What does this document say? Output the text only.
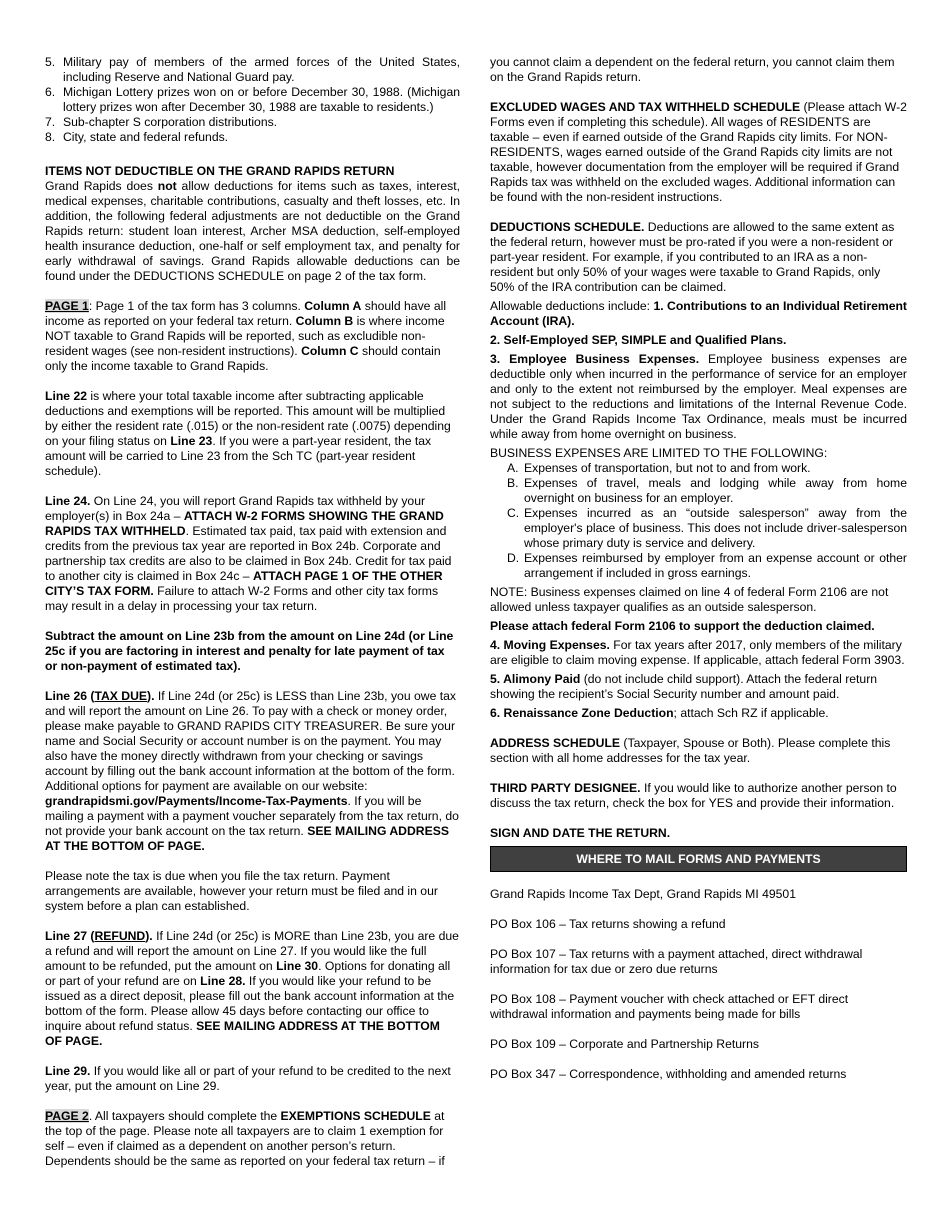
5. Military pay of members of the armed forces of the United States, including Reserve and National Guard pay.
6. Michigan Lottery prizes won on or before December 30, 1988. (Michigan lottery prizes won after December 30, 1988 are taxable to residents.)
7. Sub-chapter S corporation distributions.
8. City, state and federal refunds.

ITEMS NOT DEDUCTIBLE ON THE GRAND RAPIDS RETURN

Grand Rapids does not allow deductions for items such as taxes, interest, medical expenses, charitable contributions, casualty and theft losses, etc. In addition, the following federal adjustments are not deductible on the Grand Rapids return: student loan interest, Archer MSA deduction, self-employed health insurance deduction, one-half or self employment tax, and penalty for early withdrawal of savings. Grand Rapids allowable deductions can be found under the DEDUCTIONS SCHEDULE on page 2 of the tax form.

PAGE 1: Page 1 of the tax form has 3 columns. Column A should have all income as reported on your federal tax return. Column B is where income NOT taxable to Grand Rapids will be reported, such as excludible non-resident wages (see non-resident instructions). Column C should contain only the income taxable to Grand Rapids.

Line 22 is where your total taxable income after subtracting applicable deductions and exemptions will be reported. This amount will be multiplied by either the resident rate (.015) or the non-resident rate (.0075) depending on your filing status on Line 23. If you were a part-year resident, the tax amount will be carried to Line 23 from the Sch TC (part-year resident schedule).

Line 24. On Line 24, you will report Grand Rapids tax withheld by your employer(s) in Box 24a – ATTACH W-2 FORMS SHOWING THE GRAND RAPIDS TAX WITHHELD. Estimated tax paid, tax paid with extension and credits from the previous tax year are reported in Box 24b. Corporate and partnership tax credits are also to be claimed in Box 24b. Credit for tax paid to another city is claimed in Box 24c – ATTACH PAGE 1 OF THE OTHER CITY’S TAX FORM. Failure to attach W-2 Forms and other city tax forms may result in a delay in processing your tax return.

Subtract the amount on Line 23b from the amount on Line 24d (or Line 25c if you are factoring in interest and penalty for late payment of tax or non-payment of estimated tax).

Line 26 (TAX DUE). If Line 24d (or 25c) is LESS than Line 23b, you owe tax and will report the amount on Line 26. To pay with a check or money order, please make payable to GRAND RAPIDS CITY TREASURER. Be sure your name and Social Security or account number is on the payment. You may also have the money directly withdrawn from your checking or savings account by filling out the bank account information at the bottom of the form. Additional options for payment are available on our website: grandrapidsmi.gov/Payments/Income-Tax-Payments. If you will be mailing a payment with a payment voucher separately from the tax return, do not provide your bank account on the tax return. SEE MAILING ADDRESS AT THE BOTTOM OF PAGE.

Please note the tax is due when you file the tax return. Payment arrangements are available, however your return must be filed and in our system before a plan can established.

Line 27 (REFUND). If Line 24d (or 25c) is MORE than Line 23b, you are due a refund and will report the amount on Line 27. If you would like the full amount to be refunded, put the amount on Line 30. Options for donating all or part of your refund are on Line 28. If you would like your refund to be issued as a direct deposit, please fill out the bank account information at the bottom of the form. Please allow 45 days before contacting our office to inquire about refund status. SEE MAILING ADDRESS AT THE BOTTOM OF PAGE.

Line 29. If you would like all or part of your refund to be credited to the next year, put the amount on Line 29.

PAGE 2. All taxpayers should complete the EXEMPTIONS SCHEDULE at the top of the page. Please note all taxpayers are to claim 1 exemption for self – even if claimed as a dependent on another person’s return. Dependents should be the same as reported on your federal tax return – if

you cannot claim a dependent on the federal return, you cannot claim them on the Grand Rapids return.

EXCLUDED WAGES AND TAX WITHHELD SCHEDULE (Please attach W-2 Forms even if completing this schedule). All wages of RESIDENTS are taxable – even if earned outside of the Grand Rapids city limits. For NON-RESIDENTS, wages earned outside of the Grand Rapids city limits are not taxable, however documentation from the employer will be required if Grand Rapids tax was withheld on the excluded wages. Additional information can be found with the non-resident instructions.

DEDUCTIONS SCHEDULE. Deductions are allowed to the same extent as the federal return, however must be pro-rated if you were a non-resident or part-year resident. For example, if you contributed to an IRA as a non-resident but only 50% of your wages were taxable to Grand Rapids, only 50% of the IRA contribution can be claimed.

Allowable deductions include: 1. Contributions to an Individual Retirement Account (IRA).

2. Self-Employed SEP, SIMPLE and Qualified Plans.

3. Employee Business Expenses. Employee business expenses are deductible only when incurred in the performance of service for an employer and only to the extent not reimbursed by the employer. Meal expenses are not subject to the reductions and limitations of the Internal Revenue Code. Under the Grand Rapids Income Tax Ordinance, meals must be incurred while away from home overnight on business.

BUSINESS EXPENSES ARE LIMITED TO THE FOLLOWING:

A. Expenses of transportation, but not to and from work.
B. Expenses of travel, meals and lodging while away from home overnight on business for an employer.
C. Expenses incurred as an “outside salesperson” away from the employer's place of business. This does not include driver-salesperson whose primary duty is service and delivery.
D. Expenses reimbursed by employer from an expense account or other arrangement if included in gross earnings.

NOTE: Business expenses claimed on line 4 of federal Form 2106 are not allowed unless taxpayer qualifies as an outside salesperson.

Please attach federal Form 2106 to support the deduction claimed.

4. Moving Expenses. For tax years after 2017, only members of the military are eligible to claim moving expense. If applicable, attach federal Form 3903.

5. Alimony Paid (do not include child support). Attach the federal return showing the recipient’s Social Security number and amount paid.

6. Renaissance Zone Deduction; attach Sch RZ if applicable.

ADDRESS SCHEDULE (Taxpayer, Spouse or Both). Please complete this section with all home addresses for the tax year.

THIRD PARTY DESIGNEE. If you would like to authorize another person to discuss the tax return, check the box for YES and provide their information.

SIGN AND DATE THE RETURN.

WHERE TO MAIL FORMS AND PAYMENTS

Grand Rapids Income Tax Dept, Grand Rapids MI 49501

PO Box 106 – Tax returns showing a refund

PO Box 107 – Tax returns with a payment attached, direct withdrawal information for tax due or zero due returns

PO Box 108 – Payment voucher with check attached or EFT direct withdrawal information and payments being made for bills

PO Box 109 – Corporate and Partnership Returns

PO Box 347 – Correspondence, withholding and amended returns
